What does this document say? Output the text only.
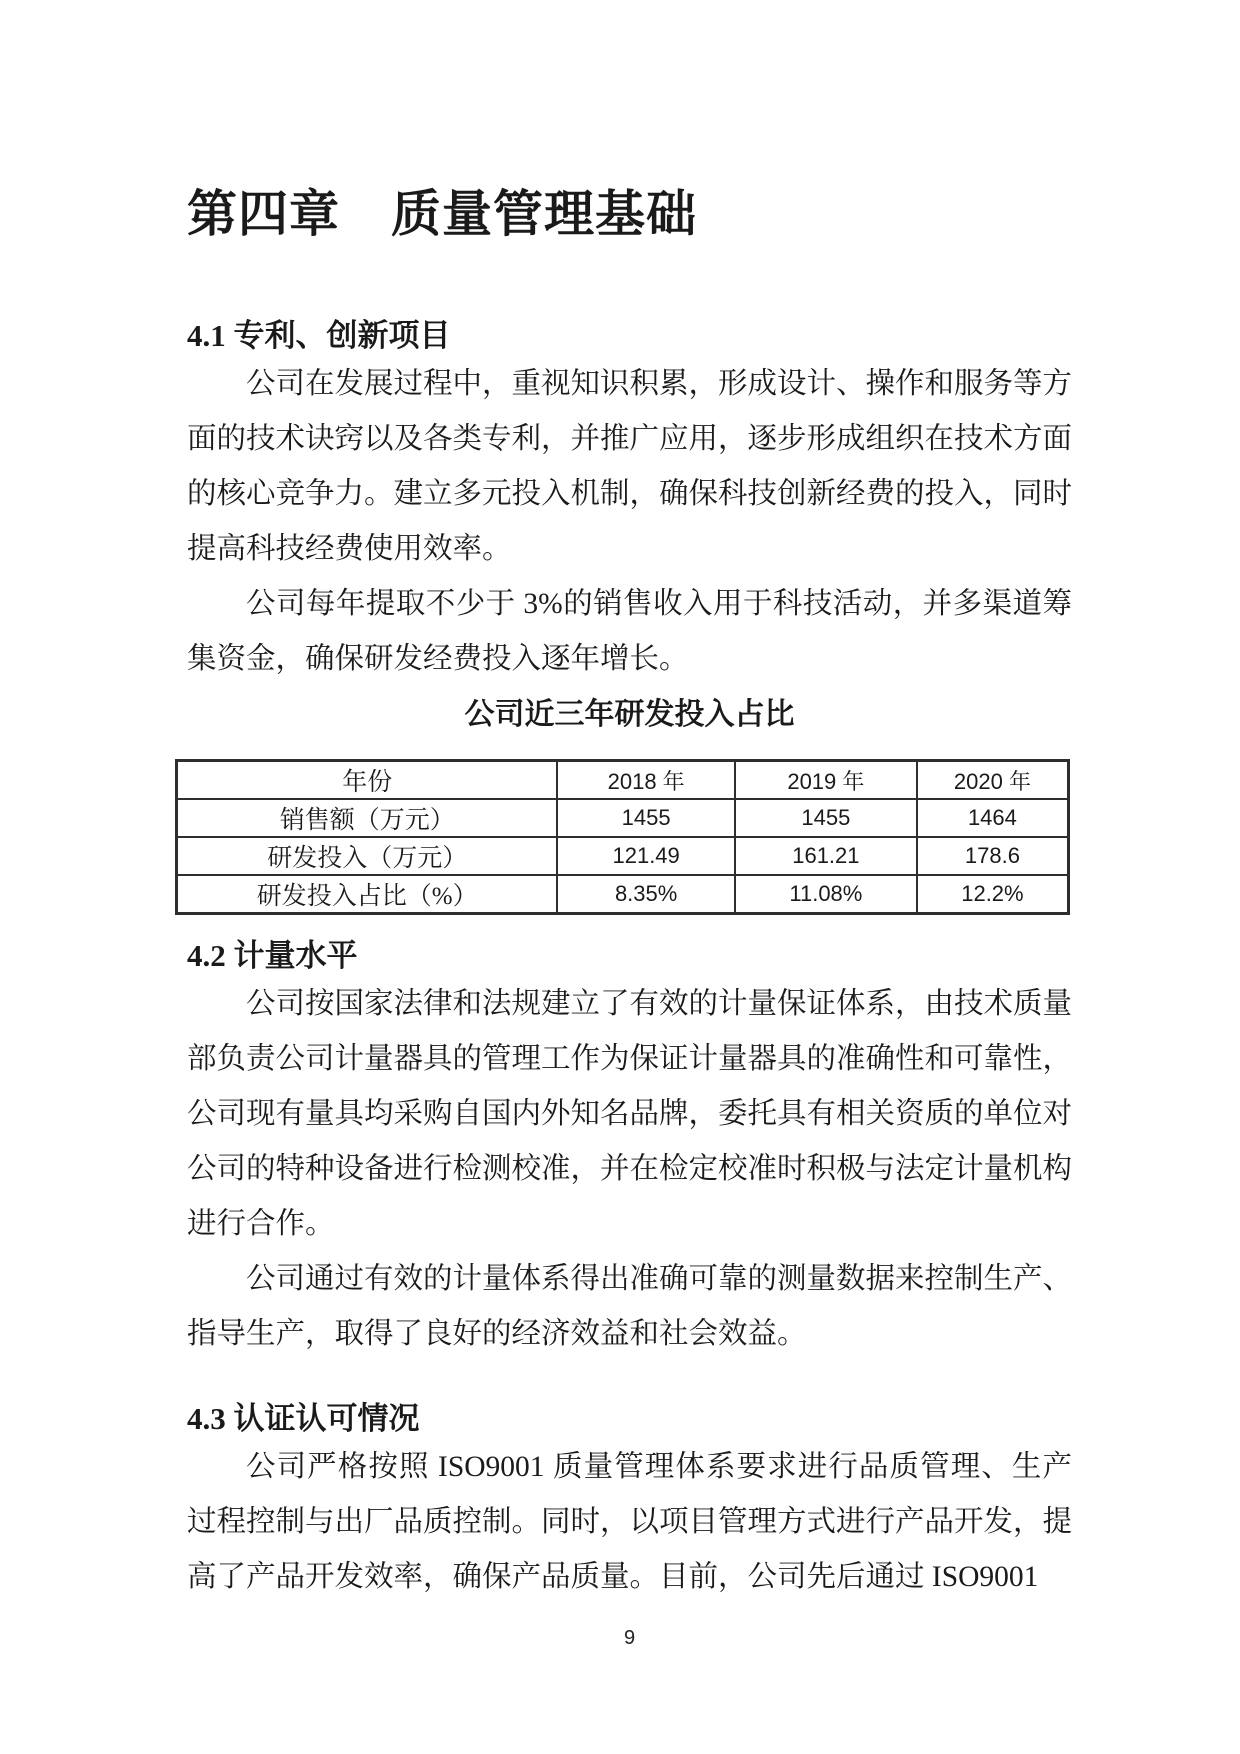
第四章　质量管理基础
4.1 专利、创新项目

公司在发展过程中，重视知识积累，形成设计、操作和服务等方面的技术诀窍以及各类专利，并推广应用，逐步形成组织在技术方面的核心竞争力。建立多元投入机制，确保科技创新经费的投入，同时提高科技经费使用效率。

公司每年提取不少于 3%的销售收入用于科技活动，并多渠道筹集资金，确保研发经费投入逐年增长。

公司近三年研发投入占比

年份	2018 年	2019 年	2020 年
销售额（万元）	1455	1455	1464
研发投入（万元）	121.49	161.21	178.6
研发投入占比（%）	8.35%	11.08%	12.2%
4.2 计量水平

公司按国家法律和法规建立了有效的计量保证体系，由技术质量部负责公司计量器具的管理工作为保证计量器具的准确性和可靠性，公司现有量具均采购自国内外知名品牌，委托具有相关资质的单位对公司的特种设备进行检测校准，并在检定校准时积极与法定计量机构进行合作。

公司通过有效的计量体系得出准确可靠的测量数据来控制生产、指导生产，取得了良好的经济效益和社会效益。

4.3 认证认可情况

公司严格按照 ISO9001 质量管理体系要求进行品质管理、生产过程控制与出厂品质控制。同时，以项目管理方式进行产品开发，提高了产品开发效率，确保产品质量。目前，公司先后通过 ISO9001

9
